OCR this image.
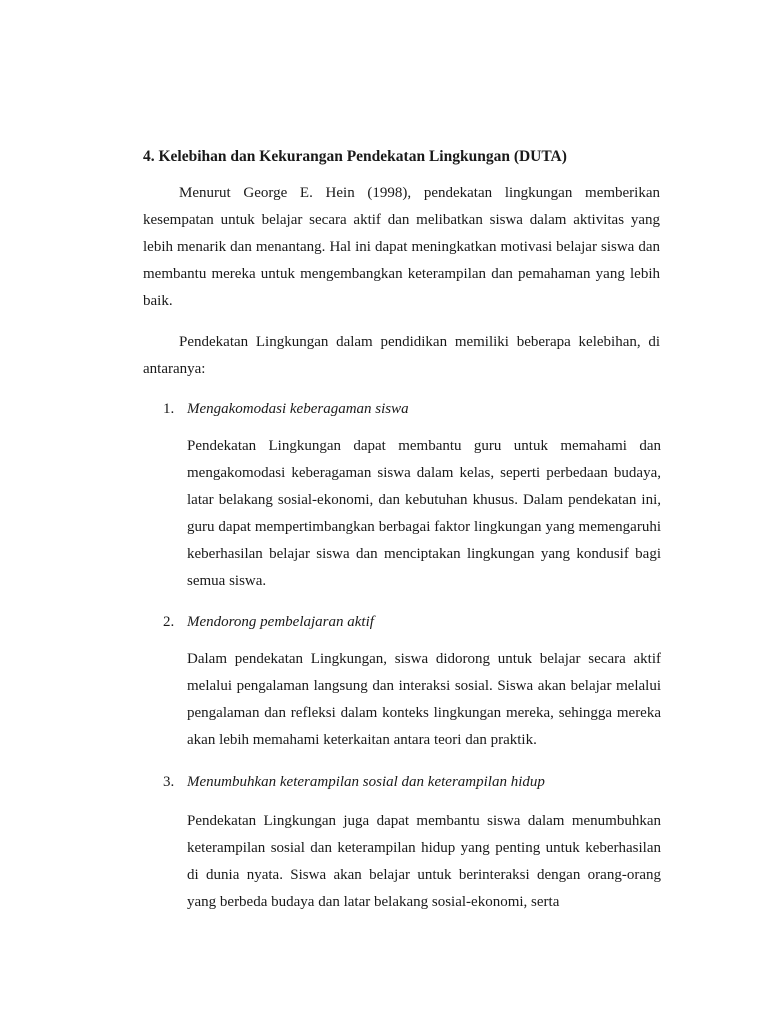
4. Kelebihan dan Kekurangan Pendekatan Lingkungan (DUTA)

Menurut George E. Hein (1998), pendekatan lingkungan memberikan kesempatan untuk belajar secara aktif dan melibatkan siswa dalam aktivitas yang lebih menarik dan menantang. Hal ini dapat meningkatkan motivasi belajar siswa dan membantu mereka untuk mengembangkan keterampilan dan pemahaman yang lebih baik.

Pendekatan Lingkungan dalam pendidikan memiliki beberapa kelebihan, di antaranya:

1. Mengakomodasi keberagaman siswa

Pendekatan Lingkungan dapat membantu guru untuk memahami dan mengakomodasi keberagaman siswa dalam kelas, seperti perbedaan budaya, latar belakang sosial-ekonomi, dan kebutuhan khusus. Dalam pendekatan ini, guru dapat mempertimbangkan berbagai faktor lingkungan yang memengaruhi keberhasilan belajar siswa dan menciptakan lingkungan yang kondusif bagi semua siswa.

2. Mendorong pembelajaran aktif

Dalam pendekatan Lingkungan, siswa didorong untuk belajar secara aktif melalui pengalaman langsung dan interaksi sosial. Siswa akan belajar melalui pengalaman dan refleksi dalam konteks lingkungan mereka, sehingga mereka akan lebih memahami keterkaitan antara teori dan praktik.

3. Menumbuhkan keterampilan sosial dan keterampilan hidup

Pendekatan Lingkungan juga dapat membantu siswa dalam menumbuhkan keterampilan sosial dan keterampilan hidup yang penting untuk keberhasilan di dunia nyata. Siswa akan belajar untuk berinteraksi dengan orang-orang yang berbeda budaya dan latar belakang sosial-ekonomi, serta
